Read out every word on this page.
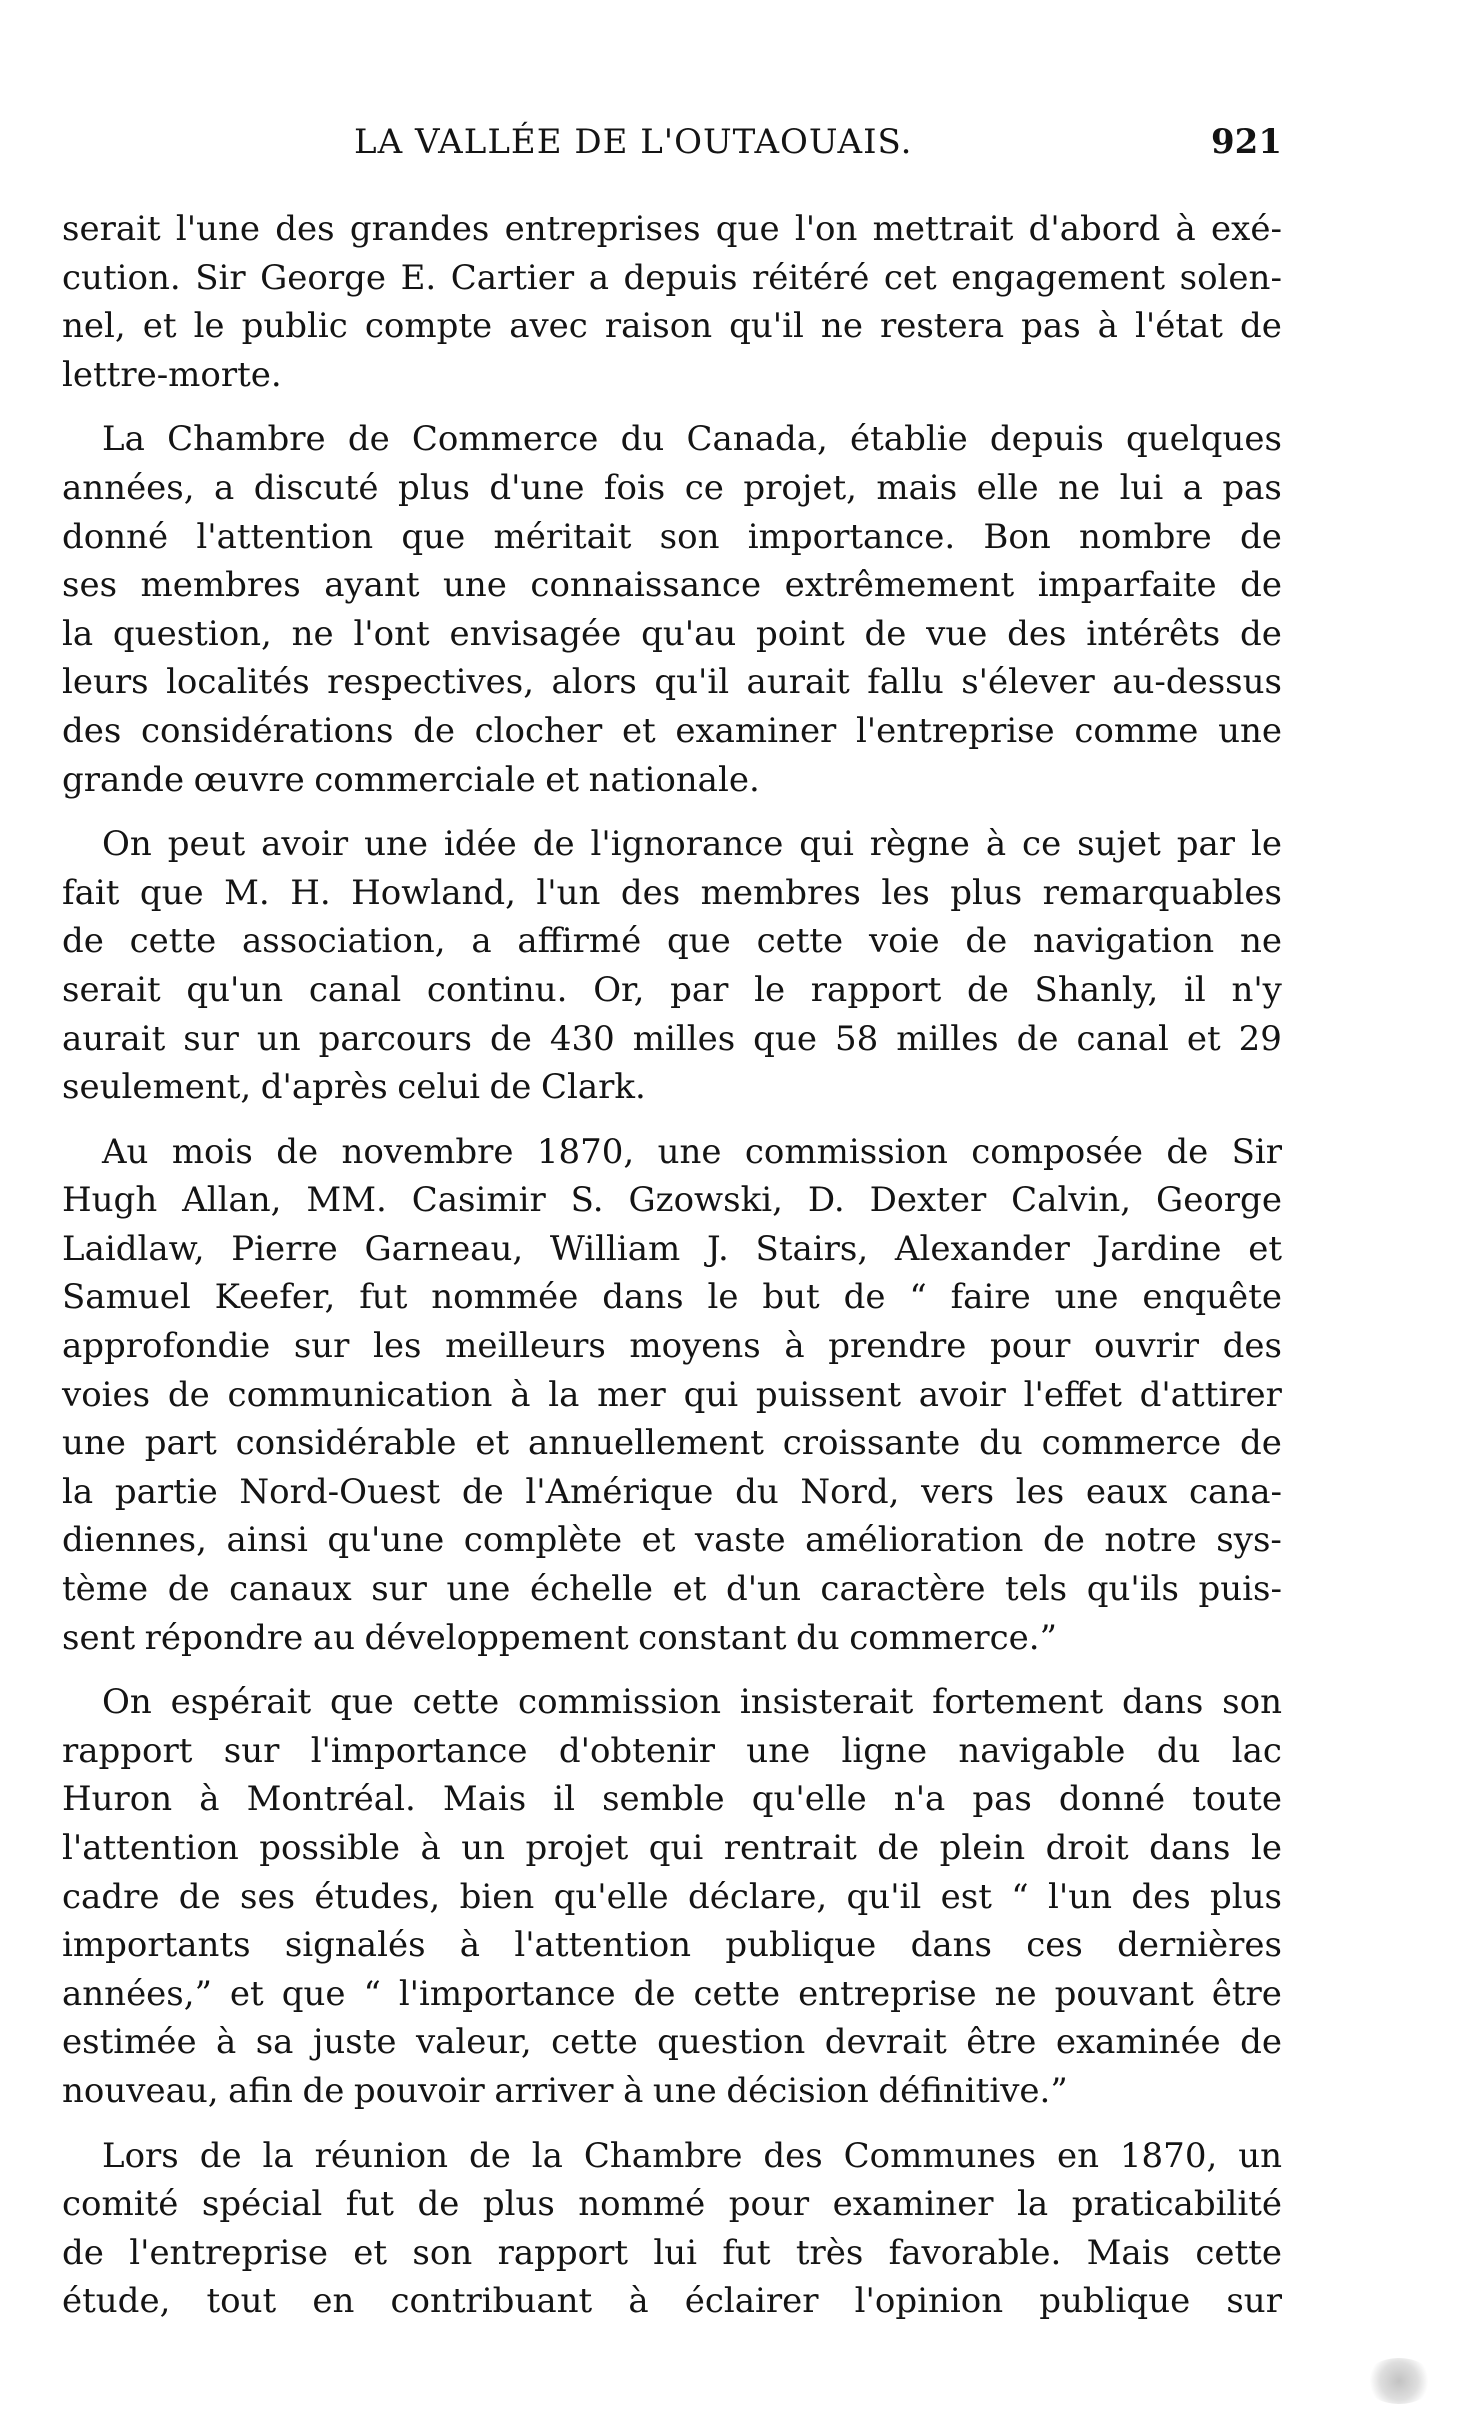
LA VALLÉE DE L'OUTAOUAIS.	921
serait l'une des grandes entreprises que l'on mettrait d'abord à exé-
cution. Sir George E. Cartier a depuis réitéré cet engagement solen-
nel, et le public compte avec raison qu'il ne restera pas à l'état de
lettre-morte.
La Chambre de Commerce du Canada, établie depuis quelques
années, a discuté plus d'une fois ce projet, mais elle ne lui a pas
donné l'attention que méritait son importance. Bon nombre de
ses membres ayant une connaissance extrêmement imparfaite de
la question, ne l'ont envisagée qu'au point de vue des intérêts de
leurs localités respectives, alors qu'il aurait fallu s'élever au-dessus
des considérations de clocher et examiner l'entreprise comme une
grande œuvre commerciale et nationale.
On peut avoir une idée de l'ignorance qui règne à ce sujet par le
fait que M. H. Howland, l'un des membres les plus remarquables
de cette association, a affirmé que cette voie de navigation ne
serait qu'un canal continu. Or, par le rapport de Shanly, il n'y
aurait sur un parcours de 430 milles que 58 milles de canal et 29
seulement, d'après celui de Clark.
Au mois de novembre 1870, une commission composée de Sir
Hugh Allan, MM. Casimir S. Gzowski, D. Dexter Calvin, George
Laidlaw, Pierre Garneau, William J. Stairs, Alexander Jardine et
Samuel Keefer, fut nommée dans le but de “ faire une enquête
approfondie sur les meilleurs moyens à prendre pour ouvrir des
voies de communication à la mer qui puissent avoir l'effet d'attirer
une part considérable et annuellement croissante du commerce de
la partie Nord-Ouest de l'Amérique du Nord, vers les eaux cana-
diennes, ainsi qu'une complète et vaste amélioration de notre sys-
tème de canaux sur une échelle et d'un caractère tels qu'ils puis-
sent répondre au développement constant du commerce.”
On espérait que cette commission insisterait fortement dans son
rapport sur l'importance d'obtenir une ligne navigable du lac
Huron à Montréal. Mais il semble qu'elle n'a pas donné toute
l'attention possible à un projet qui rentrait de plein droit dans le
cadre de ses études, bien qu'elle déclare, qu'il est “ l'un des plus
importants signalés à l'attention publique dans ces dernières
années,” et que “ l'importance de cette entreprise ne pouvant être
estimée à sa juste valeur, cette question devrait être examinée de
nouveau, afin de pouvoir arriver à une décision définitive.”
Lors de la réunion de la Chambre des Communes en 1870, un
comité spécial fut de plus nommé pour examiner la praticabilité
de l'entreprise et son rapport lui fut très favorable. Mais cette
étude, tout en contribuant à éclairer l'opinion publique sur
